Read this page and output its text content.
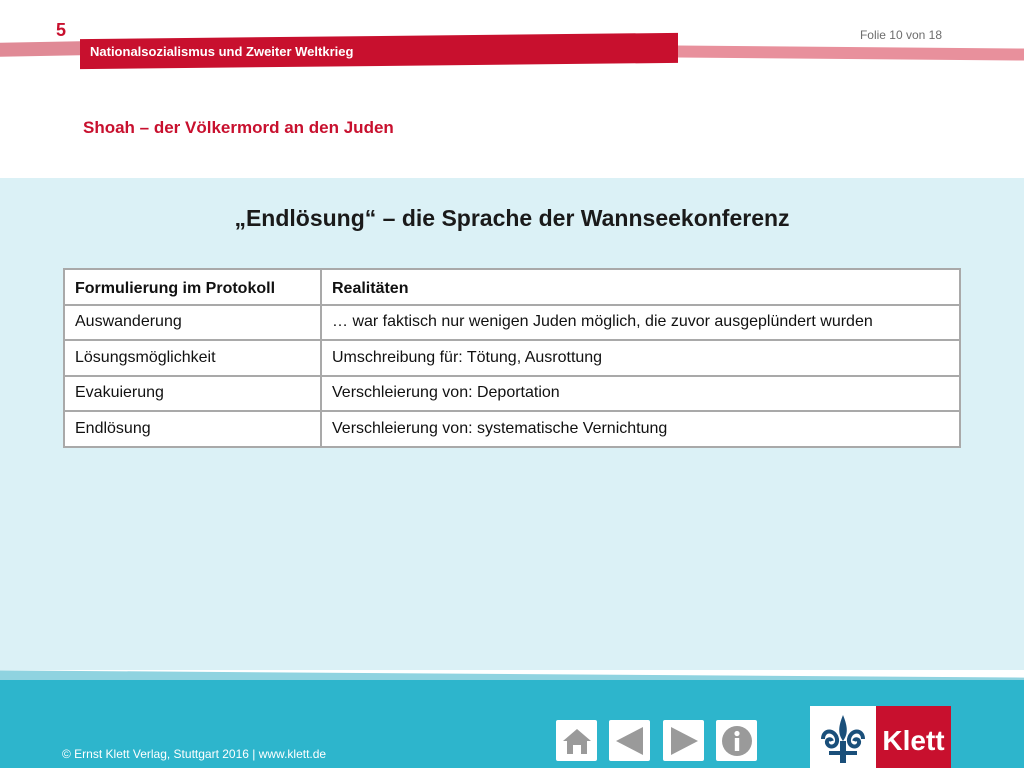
5	Folie 10 von 18
Nationalsozialismus und Zweiter Weltkrieg
Shoah – der Völkermord an den Juden
„Endlösung“ – die Sprache der Wannseekonferenz
Formulierung im Protokoll	Realitäten
Auswanderung	… war faktisch nur wenigen Juden möglich, die zuvor ausgeplündert wurden
Lösungsmöglichkeit	Umschreibung für: Tötung, Ausrottung
Evakuierung	Verschleierung von: Deportation
Endlösung	Verschleierung von: systematische Vernichtung
© Ernst Klett Verlag, Stuttgart 2016 | www.klett.de	Klett
